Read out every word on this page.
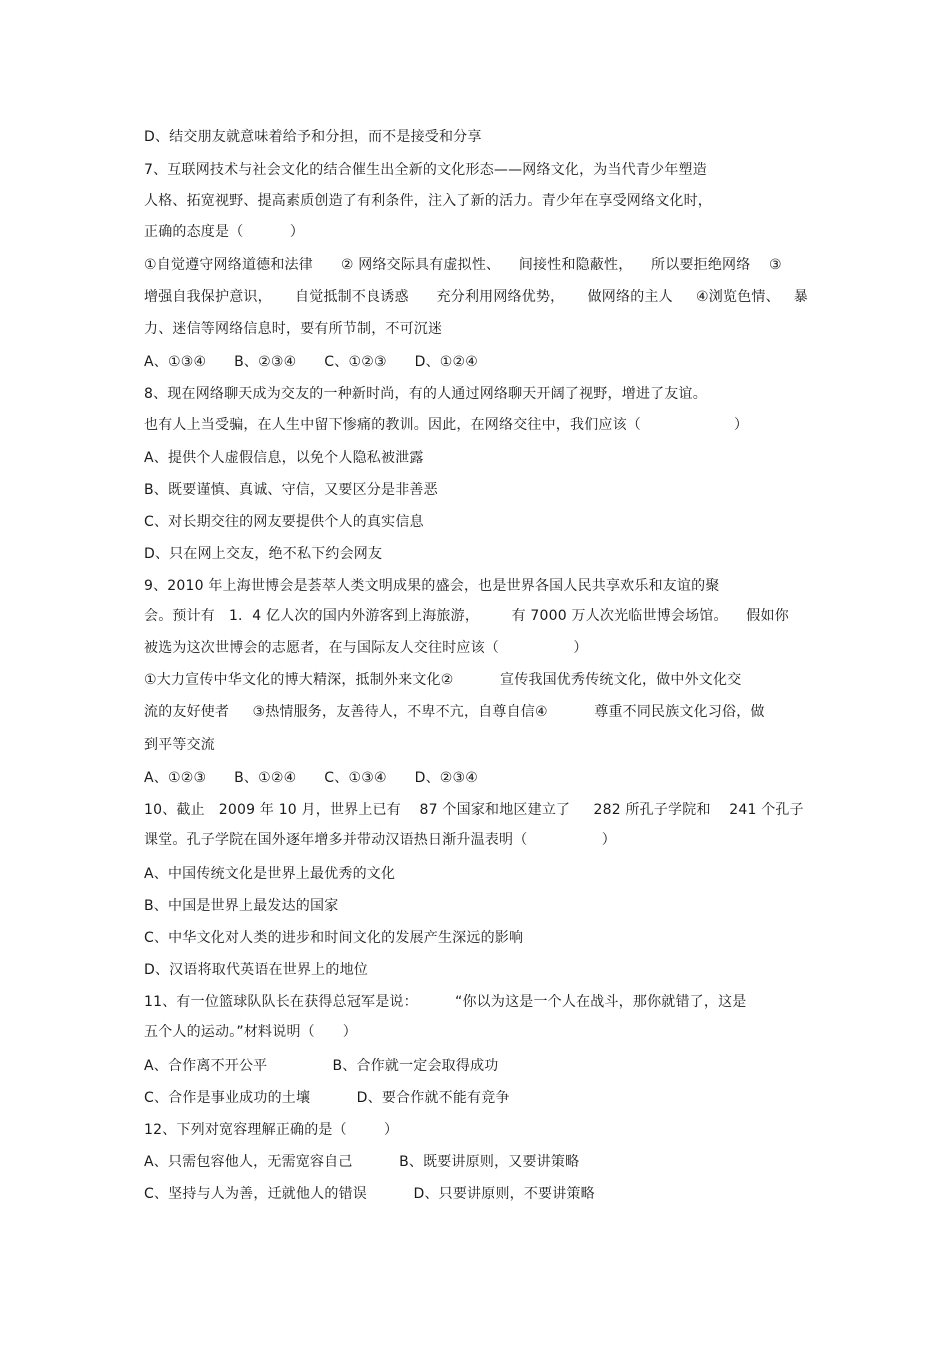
D、结交朋友就意味着给予和分担，而不是接受和分享
7、互联网技术与社会文化的结合催生出全新的文化形态——网络文化，为当代青少年塑造
人格、拓宽视野、提高素质创造了有利条件，注入了新的活力。青少年在享受网络文化时，
正确的态度是（          ）
①自觉遵守网络道德和法律      ② 网络交际具有虚拟性、    间接性和隐蔽性，    所以要拒绝网络    ③
增强自我保护意识，     自觉抵制不良诱惑      充分利用网络优势，     做网络的主人     ④浏览色情、   暴
力、迷信等网络信息时，要有所节制，不可沉迷
A、①③④      B、②③④      C、①②③      D、①②④
8、现在网络聊天成为交友的一种新时尚，有的人通过网络聊天开阔了视野，增进了友谊。
也有人上当受骗，在人生中留下惨痛的教训。因此，在网络交往中，我们应该（                    ）
A、提供个人虚假信息，以免个人隐私被泄露
B、既要谨慎、真诚、守信，又要区分是非善恶
C、对长期交往的网友要提供个人的真实信息
D、只在网上交友，绝不私下约会网友
9、2010 年上海世博会是荟萃人类文明成果的盛会，也是世界各国人民共享欢乐和友谊的聚
会。预计有   1．4 亿人次的国内外游客到上海旅游，       有 7000 万人次光临世博会场馆。    假如你
被选为这次世博会的志愿者，在与国际友人交往时应该（                ）
①大力宣传中华文化的博大精深，抵制外来文化②          宣传我国优秀传统文化，做中外文化交
流的友好使者     ③热情服务，友善待人，不卑不亢，自尊自信④          尊重不同民族文化习俗，做
到平等交流
A、①②③      B、①②④      C、①③④      D、②③④
10、截止   2009 年 10 月，世界上已有    87 个国家和地区建立了     282 所孔子学院和    241 个孔子
课堂。孔子学院在国外逐年增多并带动汉语热日渐升温表明（                ）
A、中国传统文化是世界上最优秀的文化
B、中国是世界上最发达的国家
C、中华文化对人类的进步和时间文化的发展产生深远的影响
D、汉语将取代英语在世界上的地位
11、有一位篮球队队长在获得总冠军是说：        “你以为这是一个人在战斗，那你就错了，这是
五个人的运动。”材料说明（      ）
A、合作离不开公平              B、合作就一定会取得成功
C、合作是事业成功的土壤          D、要合作就不能有竞争
12、下列对宽容理解正确的是（        ）
A、只需包容他人，无需宽容自己          B、既要讲原则，又要讲策略
C、坚持与人为善，迁就他人的错误          D、只要讲原则，不要讲策略
